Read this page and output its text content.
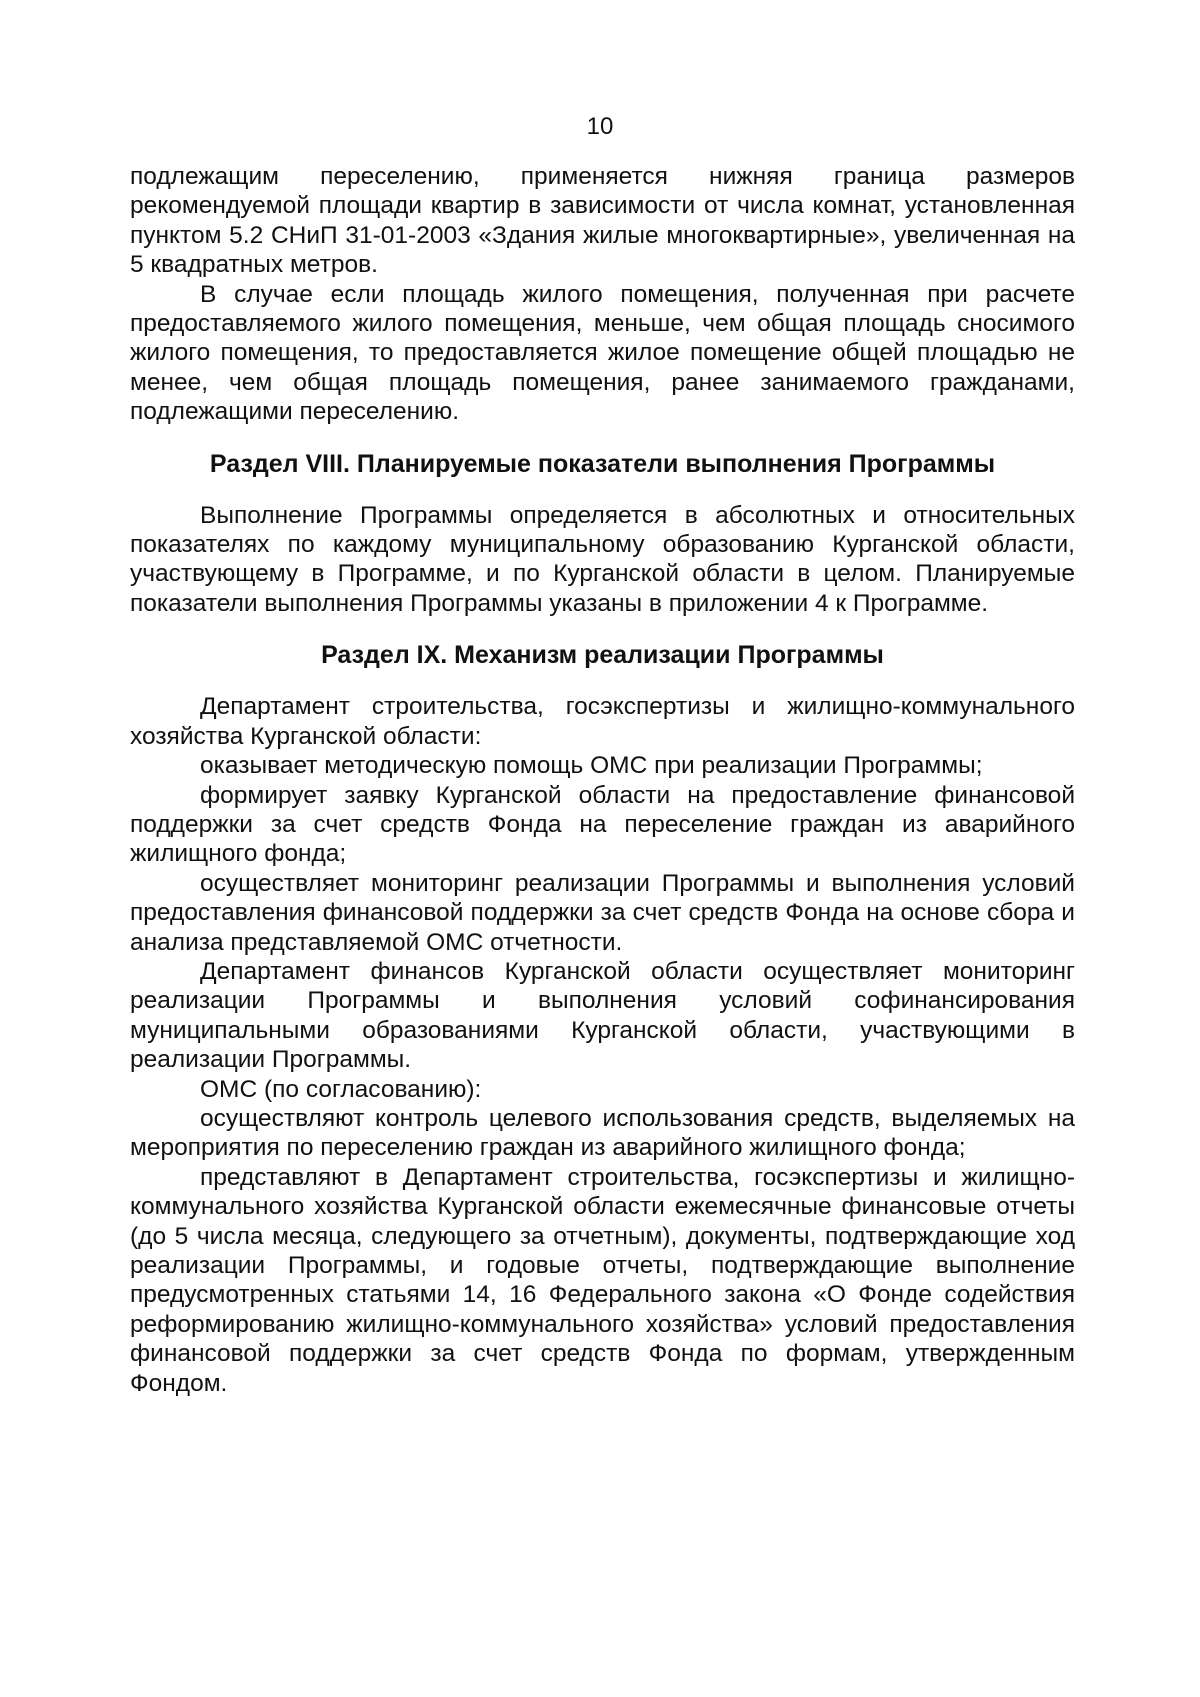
10

подлежащим переселению, применяется нижняя граница размеров рекомендуемой площади квартир в зависимости от числа комнат, установленная пунктом 5.2 СНиП 31-01-2003 «Здания жилые многоквартирные», увеличенная на 5 квадратных метров.

В случае если площадь жилого помещения, полученная при расчете предоставляемого жилого помещения, меньше, чем общая площадь сносимого жилого помещения, то предоставляется жилое помещение общей площадью не менее, чем общая площадь помещения, ранее занимаемого гражданами, подлежащими переселению.

Раздел VIII. Планируемые показатели выполнения Программы

Выполнение Программы определяется в абсолютных и относительных показателях по каждому муниципальному образованию Курганской области, участвующему в Программе, и по Курганской области в целом. Планируемые показатели выполнения Программы указаны в приложении 4 к Программе.

Раздел IX. Механизм реализации Программы

Департамент строительства, госэкспертизы и жилищно-коммунального хозяйства Курганской области:

оказывает методическую помощь ОМС при реализации Программы;

формирует заявку Курганской области на предоставление финансовой поддержки за счет средств Фонда на переселение граждан из аварийного жилищного фонда;

осуществляет мониторинг реализации Программы и выполнения условий предоставления финансовой поддержки за счет средств Фонда на основе сбора и анализа представляемой ОМС отчетности.

Департамент финансов Курганской области осуществляет мониторинг реализации Программы и выполнения условий софинансирования муниципальными образованиями Курганской области, участвующими в реализации Программы.

ОМС (по согласованию):

осуществляют контроль целевого использования средств, выделяемых на мероприятия по переселению граждан из аварийного жилищного фонда;

представляют в Департамент строительства, госэкспертизы и жилищно-коммунального хозяйства Курганской области ежемесячные финансовые отчеты (до 5 числа месяца, следующего за отчетным), документы, подтверждающие ход реализации Программы, и годовые отчеты, подтверждающие выполнение предусмотренных статьями 14, 16 Федерального закона «О Фонде содействия реформированию жилищно-коммунального хозяйства» условий предоставления финансовой поддержки за счет средств Фонда по формам, утвержденным Фондом.
